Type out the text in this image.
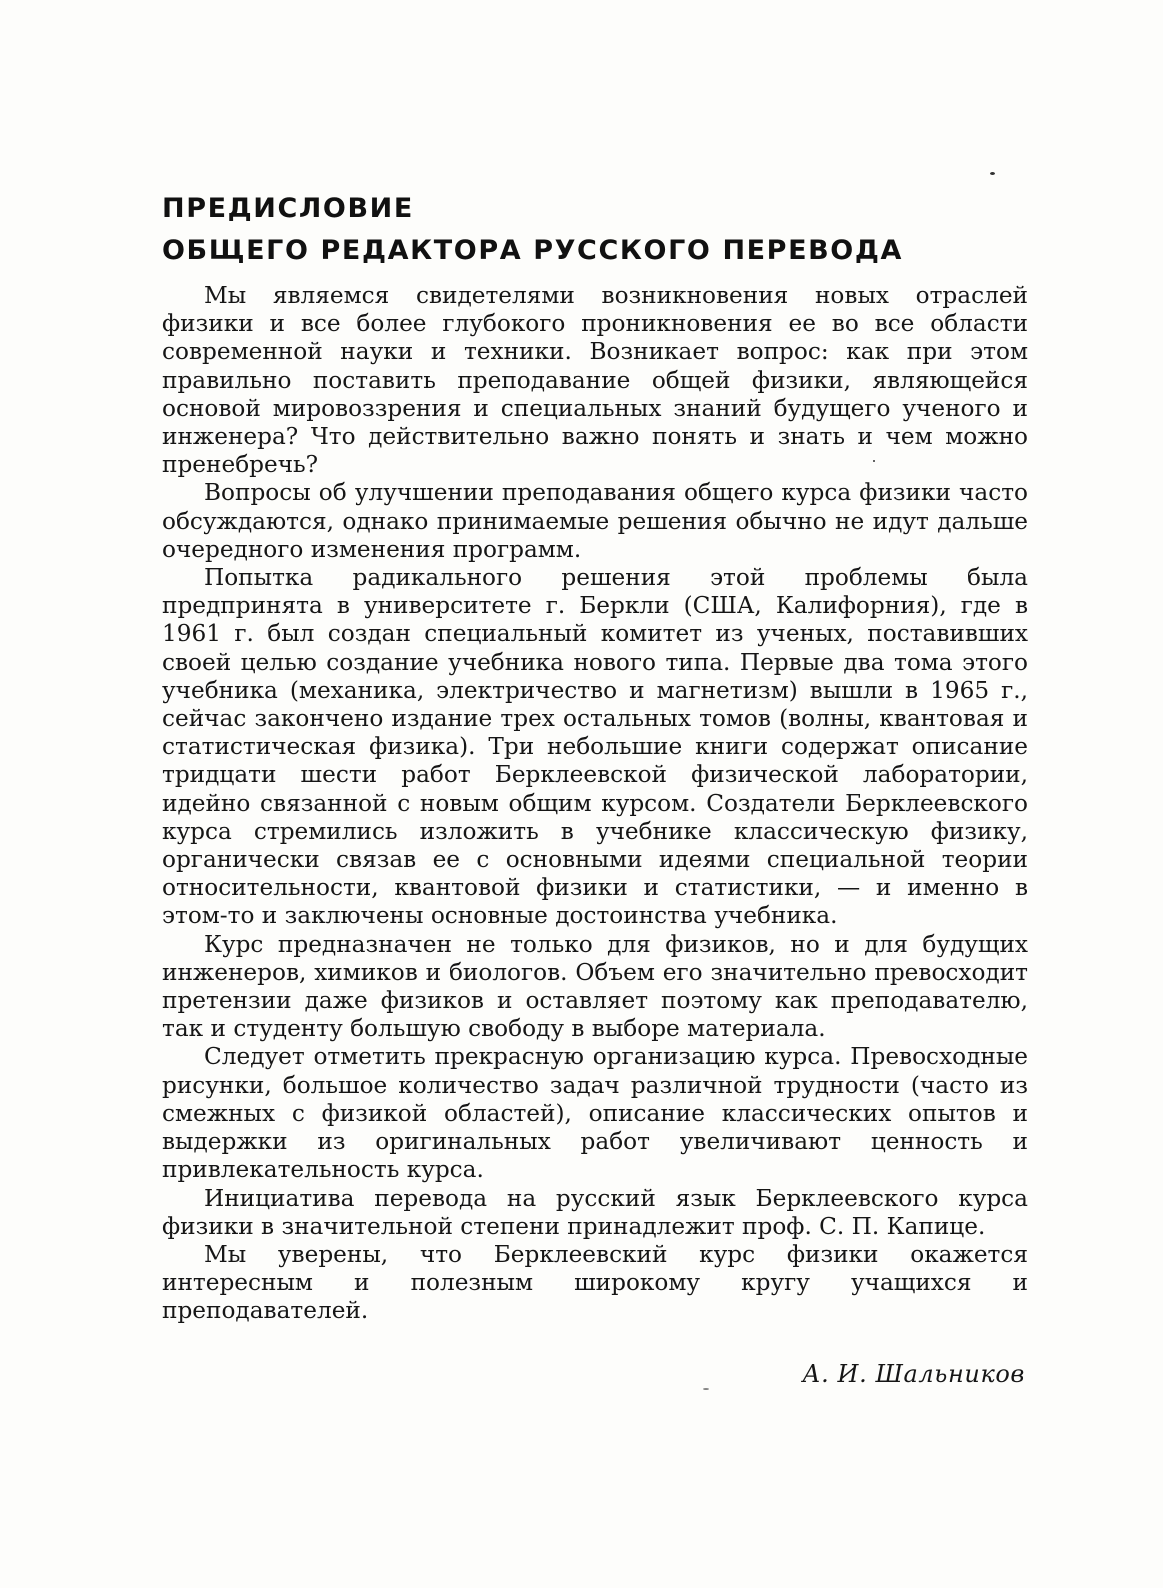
ПРЕДИСЛОВИЕ
ОБЩЕГО РЕДАКТОРА РУССКОГО ПЕРЕВОДА

Мы являемся свидетелями возникновения новых отраслей физики и все более глубокого проникновения ее во все области современной науки и техники. Возникает вопрос: как при этом правильно поставить преподавание общей физики, являющейся основой мировоззрения и специальных знаний будущего ученого и инженера? Что действительно важно понять и знать и чем можно пренебречь?

Вопросы об улучшении преподавания общего курса физики часто обсуждаются, однако принимаемые решения обычно не идут дальше очередного изменения программ.

Попытка радикального решения этой проблемы была предпринята в университете г. Беркли (США, Калифорния), где в 1961 г. был создан специальный комитет из ученых, поставивших своей целью создание учебника нового типа. Первые два тома этого учебника (механика, электричество и магнетизм) вышли в 1965 г., сейчас закончено издание трех остальных томов (волны, квантовая и статистическая физика). Три небольшие книги содержат описание тридцати шести работ Берклеевской физической лаборатории, идейно связанной с новым общим курсом. Создатели Берклеевского курса стремились изложить в учебнике классическую физику, органически связав ее с основными идеями специальной теории относительности, квантовой физики и статистики, — и именно в этом-то и заключены основные достоинства учебника.

Курс предназначен не только для физиков, но и для будущих инженеров, химиков и биологов. Объем его значительно превосходит претензии даже физиков и оставляет поэтому как преподавателю, так и студенту большую свободу в выборе материала.

Следует отметить прекрасную организацию курса. Превосходные рисунки, большое количество задач различной трудности (часто из смежных с физикой областей), описание классических опытов и выдержки из оригинальных работ увеличивают ценность и привлекательность курса.

Инициатива перевода на русский язык Берклеевского курса физики в значительной степени принадлежит проф. С. П. Капице.

Мы уверены, что Берклеевский курс физики окажется интересным и полезным широкому кругу учащихся и преподавателей.

А. И. Шальников
